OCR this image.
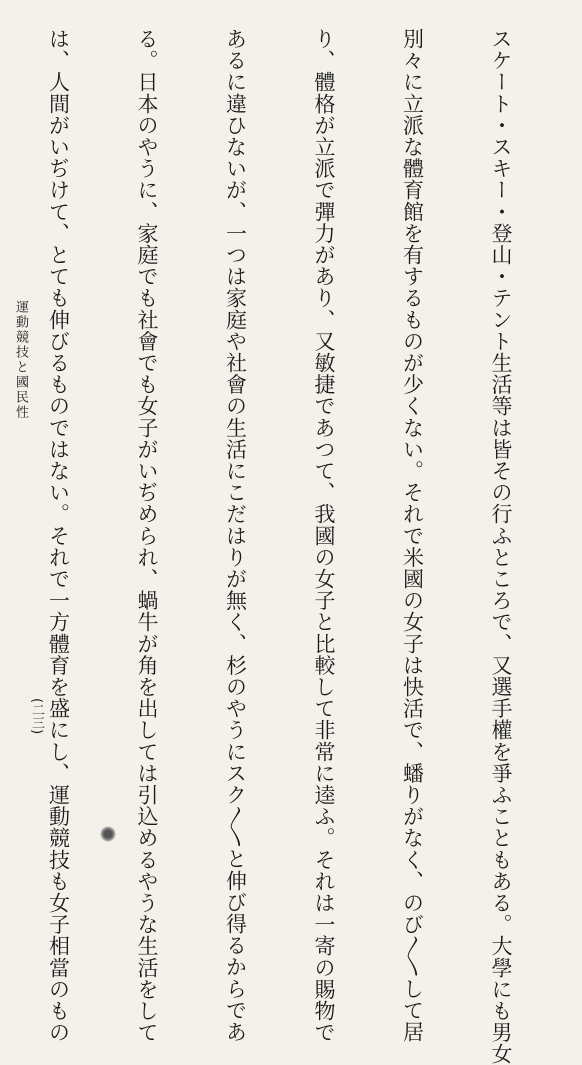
スケート・スキー・登山・テント生活等は皆その行ふところで、又選手權を爭ふこともある。大學にも男女

別々に立派な體育館を有するものが少くない。それで米國の女子は快活で、蟠りがなく、のび〳〵して居

り、體格が立派で彈力があり、又敏捷であつて、我國の女子と比較して非常に逵ふ。それは一寄の賜物で

あるに違ひないが、一つは家庭や社會の生活にこだはりが無く、杉のやうにスク〳〵と伸び得るからであ

る。日本のやうに、家庭でも社會でも女子がいぢめられ、蝸牛が角を出しては引込めるやうな生活をして

は、人間がいぢけて、とても伸びるものではない。それで一方體育を盛にし、運動競技も女子相當のもの

(二三)
運動競技と國民性
